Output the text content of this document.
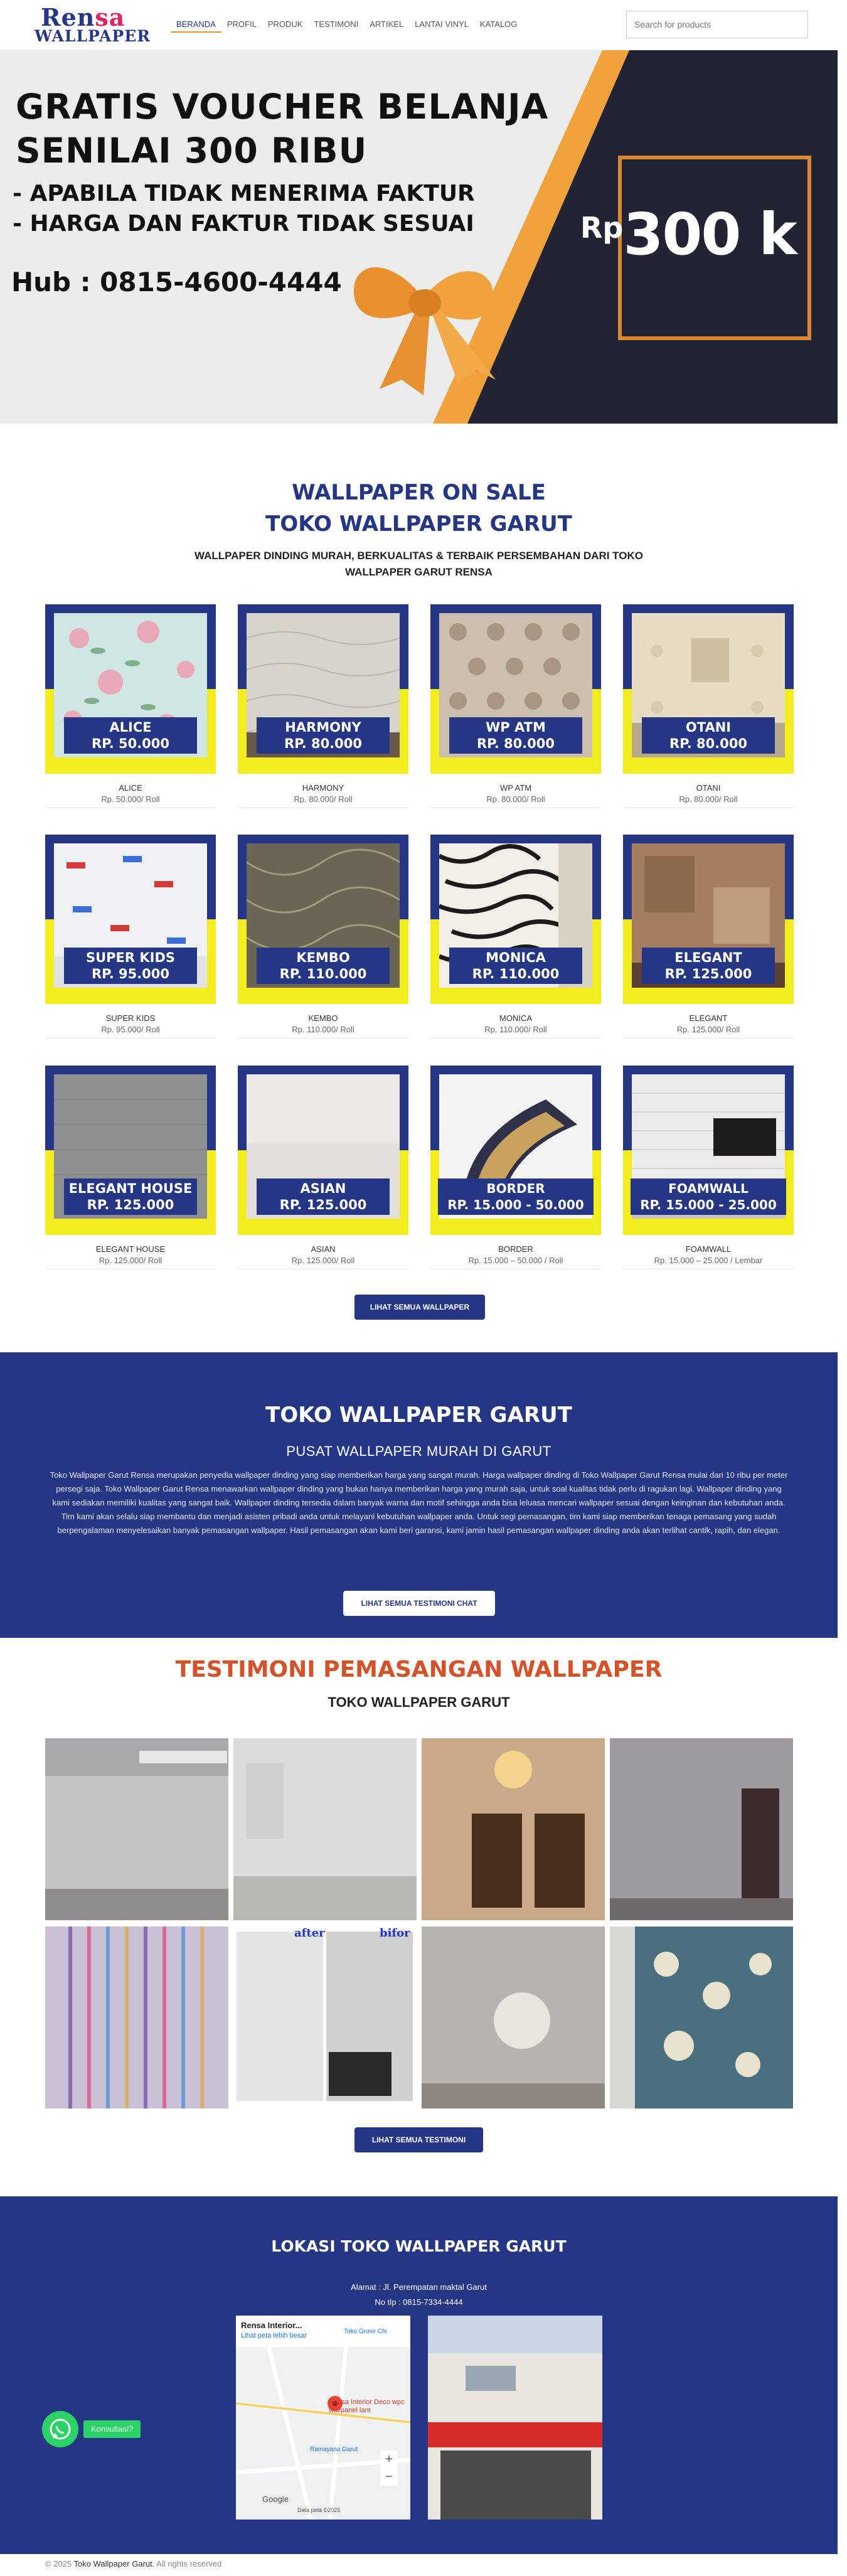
Rensa
WALLPAPER
BERANDA	PROFIL	PRODUK	TESTIMONI	ARTIKEL	LANTAI VINYL	KATALOG
Search for products
Rp300 k
GRATIS VOUCHER BELANJA
SENILAI 300 RIBU
- APABILA TIDAK MENERIMA FAKTUR
- HARGA DAN FAKTUR TIDAK SESUAI
Hub : 0815-4600-4444
WALLPAPER ON SALE
TOKO WALLPAPER GARUT
WALLPAPER DINDING MURAH, BERKUALITAS & TERBAIK PERSEMBAHAN DARI TOKO WALLPAPER GARUT RENSA
ALICE
RP. 50.000
ALICE
Rp. 50.000/ Roll
HARMONY
RP. 80.000
HARMONY
Rp. 80.000/ Roll
WP ATM
RP. 80.000
WP ATM
Rp. 80.000/ Roll
OTANI
RP. 80.000
OTANI
Rp. 80.000/ Roll
SUPER KIDS
RP. 95.000
SUPER KIDS
Rp. 95.000/ Roll
KEMBO
RP. 110.000
KEMBO
Rp. 110.000/ Roll
MONICA
RP. 110.000
MONICA
Rp. 110.000/ Roll
ELEGANT
RP. 125.000
ELEGANT
Rp. 125.000/ Roll
ELEGANT HOUSE
RP. 125.000
ELEGANT HOUSE
Rp. 125.000/ Roll
ASIAN
RP. 125.000
ASIAN
Rp. 125.000/ Roll
BORDER
RP. 15.000 - 50.000
BORDER
Rp. 15.000 – 50.000 / Roll
FOAMWALL
RP. 15.000 - 25.000
FOAMWALL
Rp. 15.000 – 25.000 / Lembar
LIHAT SEMUA WALLPAPER
TOKO WALLPAPER GARUT
PUSAT WALLPAPER MURAH DI GARUT
Toko Wallpaper Garut Rensa merupakan penyedia wallpaper dinding yang siap memberikan harga yang sangat murah. Harga wallpaper dinding di Toko Wallpaper Garut Rensa mulai dari 10 ribu per meter persegi saja. Toko Wallpaper Garut Rensa menawarkan wallpaper dinding yang bukan hanya memberikan harga yang murah saja, untuk soal kualitas tidak perlu di ragukan lagi. Wallpaper dinding yang kami sediakan memiliki kualitas yang sangat baik. Wallpaper dinding tersedia dalam banyak warna dan motif sehingga anda bisa leluasa mencari wallpaper sesuai dengan keinginan dan kebutuhan anda. Tim kami akan selalu siap membantu dan menjadi asisten pribadi anda untuk melayani kebutuhan wallpaper anda. Untuk segi pemasangan, tim kami siap memberikan tenaga pemasang yang sudah berpengalaman menyelesaikan banyak pemasangan wallpaper. Hasil pemasangan akan kami beri garansi, kami jamin hasil pemasangan wallpaper dinding anda akan terlihat cantik, rapih, dan elegan.
LIHAT SEMUA TESTIMONI CHAT
TESTIMONI PEMASANGAN WALLPAPER
TOKO WALLPAPER GARUT
after	bifor
LIHAT SEMUA TESTIMONI
LOKASI TOKO WALLPAPER GARUT
Alamat : Jl. Perempatan maktal Garut
No tlp : 0815-7334-4444
Rensa Interior...
Lihat peta lebih besar
Toko Grosir Chi
Rensa Interior Deco wpc wallpanel lant
Ramayana Garut
+
−
Google
Data peta ©2025
Konsultasi?
© 2025 Toko Wallpaper Garut. All rights reserved
